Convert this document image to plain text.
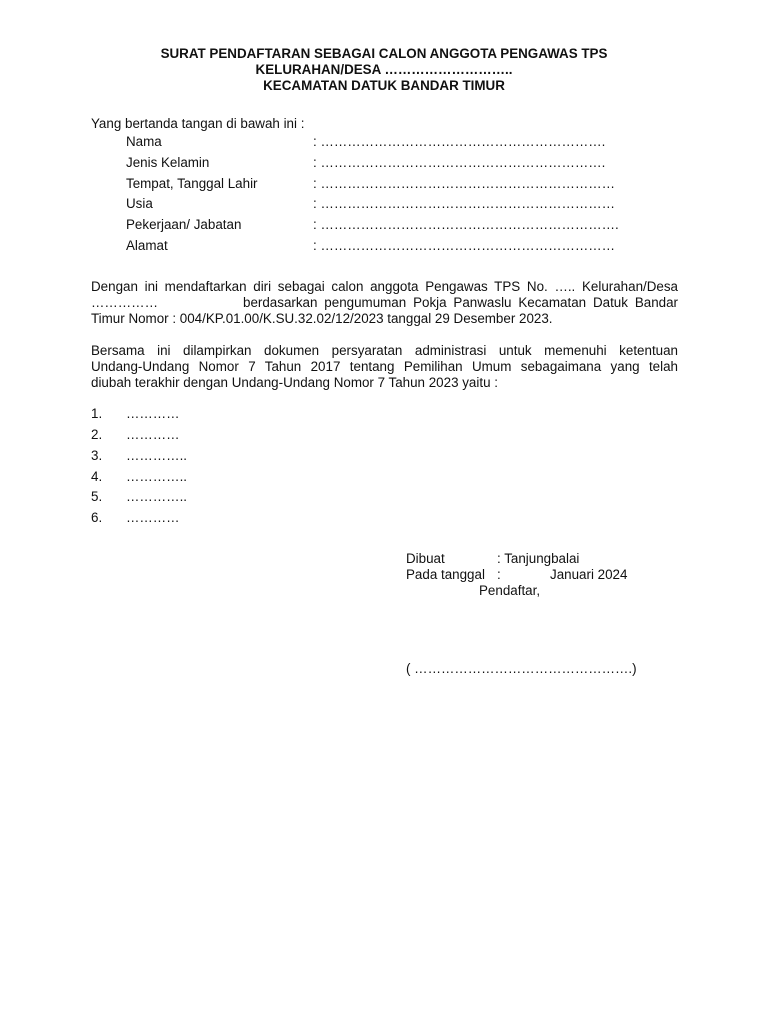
SURAT PENDAFTARAN SEBAGAI CALON ANGGOTA PENGAWAS TPS
KELURAHAN/DESA ………………………..
KECAMATAN DATUK BANDAR TIMUR
Yang bertanda tangan di bawah ini :
Nama	: ……………………………………………………….
Jenis Kelamin	: ……………………………………………………….
Tempat, Tanggal Lahir	: …………………………………………………………
Usia	: …………………………………………………………
Pekerjaan/ Jabatan	: ………………………………………………………….
Alamat	: …………………………………………………………
Dengan ini mendaftarkan diri sebagai calon anggota Pengawas TPS No. ….. Kelurahan/Desa
……………	berdasarkan pengumuman Pokja Panwaslu Kecamatan Datuk Bandar
Timur Nomor : 004/KP.01.00/K.SU.32.02/12/2023 tanggal 29 Desember 2023.
Bersama ini dilampirkan dokumen persyaratan administrasi untuk memenuhi ketentuan
Undang-Undang Nomor 7 Tahun 2017 tentang Pemilihan Umum sebagaimana yang telah
diubah terakhir dengan Undang-Undang Nomor 7 Tahun 2023 yaitu :
1. …………
2. …………
3. …………..
4. …………..
5. …………..
6. …………
Dibuat	: Tanjungbalai
Pada tanggal :	Januari 2024
Pendaftar,
( ………………………………………….)
